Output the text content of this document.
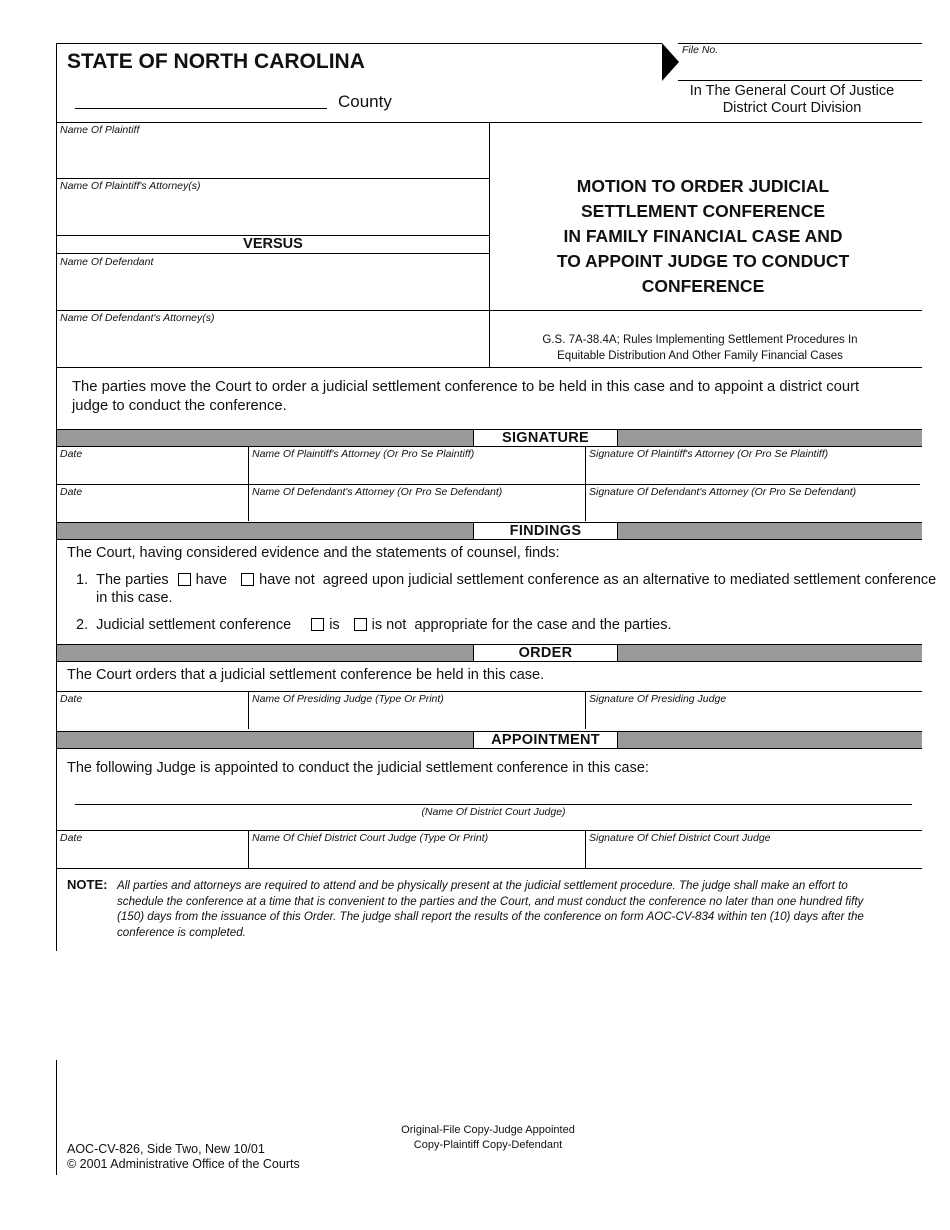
STATE OF NORTH CAROLINA
County
File No.
In The General Court Of Justice
District Court Division
Name Of Plaintiff
Name Of Plaintiff's Attorney(s)
VERSUS
Name Of Defendant
Name Of Defendant's Attorney(s)
MOTION TO ORDER JUDICIAL
SETTLEMENT CONFERENCE
IN FAMILY FINANCIAL CASE AND
TO APPOINT JUDGE TO CONDUCT
CONFERENCE
G.S. 7A-38.4A; Rules Implementing Settlement Procedures In
Equitable Distribution And Other Family Financial Cases
The parties move the Court to order a judicial settlement conference to be held in this case and to appoint a district court
judge to conduct the conference.
SIGNATURE
Date	Name Of Plaintiff's Attorney (Or Pro Se Plaintiff)	Signature Of Plaintiff's Attorney (Or Pro Se Plaintiff)
Date	Name Of Defendant's Attorney (Or Pro Se Defendant)	Signature Of Defendant's Attorney (Or Pro Se Defendant)
FINDINGS
The Court, having considered evidence and the statements of counsel, finds:
1. The parties have have not agreed upon judicial settlement conference as an alternative to mediated settlement conference
in this case.
2. Judicial settlement conference	is is not appropriate for the case and the parties.
ORDER
The Court orders that a judicial settlement conference be held in this case.
Date	Name Of Presiding Judge (Type Or Print)	Signature Of Presiding Judge
APPOINTMENT
The following Judge is appointed to conduct the judicial settlement conference in this case:
(Name Of District Court Judge)
Date	Name Of Chief District Court Judge (Type Or Print)	Signature Of Chief District Court Judge
NOTE: All parties and attorneys are required to attend and be physically present at the judicial settlement procedure. The judge shall make an effort to
schedule the conference at a time that is convenient to the parties and the Court, and must conduct the conference no later than one hundred fifty
(150) days from the issuance of this Order. The judge shall report the results of the conference on form AOC-CV-834 within ten (10) days after the
conference is completed.
Original-File Copy-Judge Appointed
Copy-Plaintiff Copy-Defendant
AOC-CV-826, Side Two, New 10/01
© 2001 Administrative Office of the Courts
